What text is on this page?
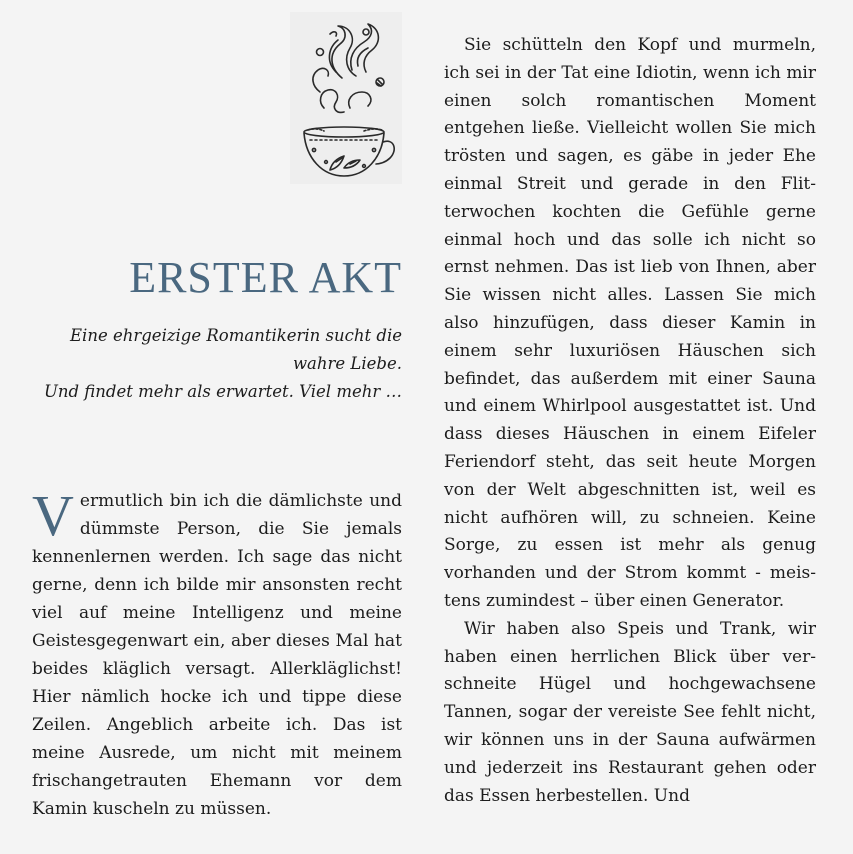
ERSTER AKT

Eine ehrgeizige Romantikerin sucht die
wahre Liebe.
Und findet mehr als erwartet. Viel mehr …

Vermutlich bin ich die dämlichste und dümmste Person, die Sie jemals kennenlernen werden. Ich sage das nicht gerne, denn ich bilde mir ansonsten recht viel auf meine Intelligenz und meine Geistesgegenwart ein, aber dieses Mal hat beides kläglich versagt. Allerkläglichst! Hier nämlich hocke ich und tippe diese Zeilen. Angeblich arbeite ich. Das ist meine Ausrede, um nicht mit meinem frischangetrauten Ehemann vor dem Kamin kuscheln zu müssen.

Sie schütteln den Kopf und murmeln, ich sei in der Tat eine Idiotin, wenn ich mir einen solch romantischen Moment entgehen ließe. Vielleicht wollen Sie mich trösten und sagen, es gäbe in jeder Ehe einmal Streit und gerade in den Flitterwochen kochten die Gefühle gerne einmal hoch und das solle ich nicht so ernst nehmen. Das ist lieb von Ihnen, aber Sie wissen nicht alles. Lassen Sie mich also hinzufügen, dass dieser Kamin in einem sehr luxuriösen Häuschen sich befindet, das außerdem mit einer Sauna und einem Whirlpool ausgestattet ist. Und dass dieses Häuschen in einem Eifeler Feriendorf steht, das seit heute Morgen von der Welt abgeschnitten ist, weil es nicht aufhören will, zu schneien. Keine Sorge, zu essen ist mehr als genug vorhanden und der Strom kommt - meistens zumindest – über einen Generator.

Wir haben also Speis und Trank, wir haben einen herrlichen Blick über verschneite Hügel und hochgewachsene Tannen, sogar der vereiste See fehlt nicht, wir können uns in der Sauna aufwärmen und jederzeit ins Restaurant gehen oder das Essen herbestellen. Und
